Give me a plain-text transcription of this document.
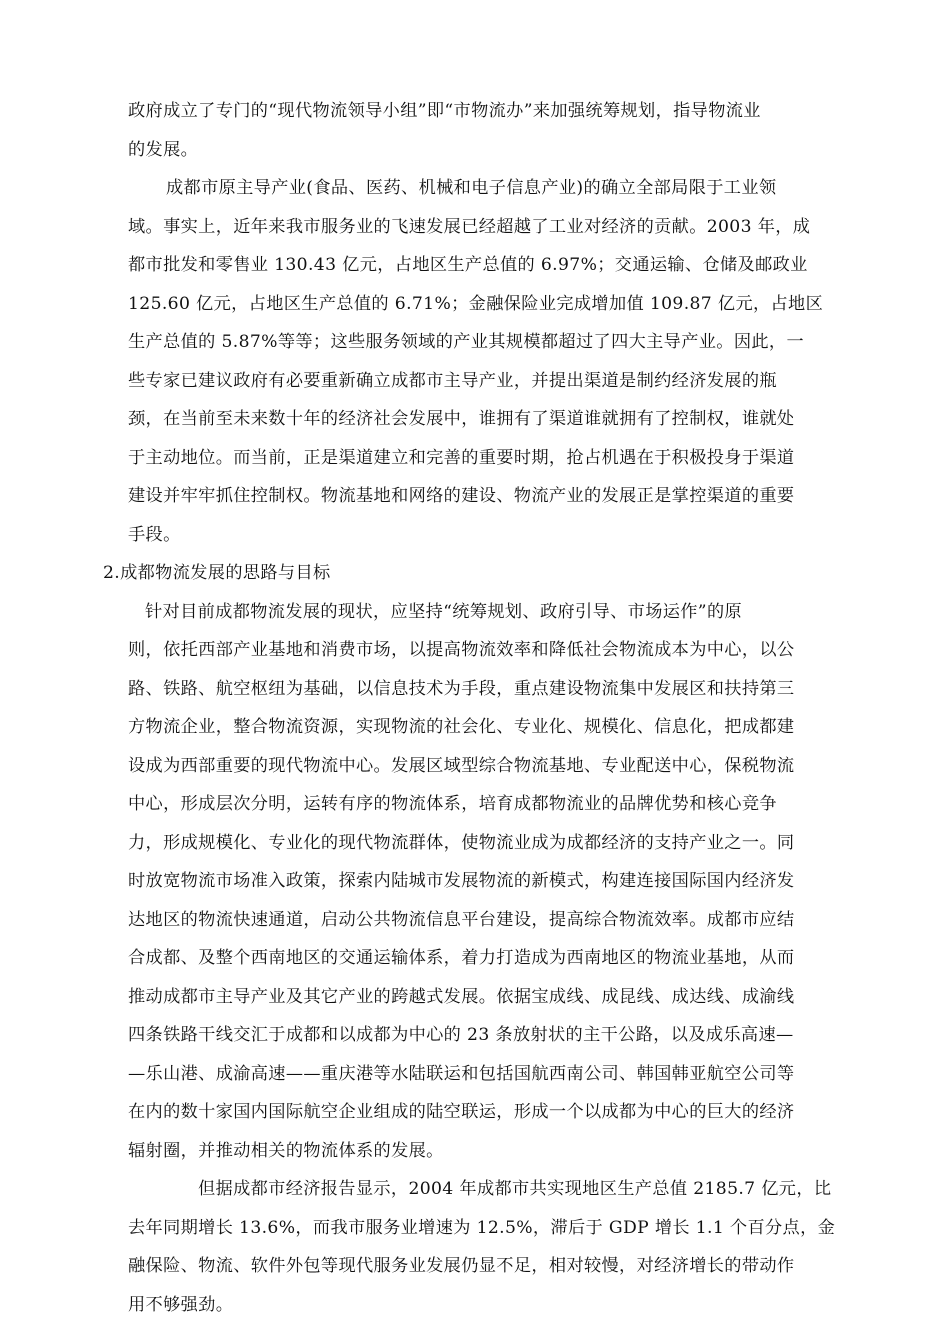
政府成立了专门的“现代物流领导小组”即“市物流办”来加强统筹规划，指导物流业
的发展。
成都市原主导产业(食品、医药、机械和电子信息产业)的确立全部局限于工业领
域。事实上，近年来我市服务业的飞速发展已经超越了工业对经济的贡献。2003 年，成
都市批发和零售业 130.43 亿元，占地区生产总值的 6.97%；交通运输、仓储及邮政业
125.60 亿元，占地区生产总值的 6.71%；金融保险业完成增加值 109.87 亿元，占地区
生产总值的 5.87%等等；这些服务领域的产业其规模都超过了四大主导产业。因此，一
些专家已建议政府有必要重新确立成都市主导产业，并提出渠道是制约经济发展的瓶
颈，在当前至未来数十年的经济社会发展中，谁拥有了渠道谁就拥有了控制权，谁就处
于主动地位。而当前，正是渠道建立和完善的重要时期，抢占机遇在于积极投身于渠道
建设并牢牢抓住控制权。物流基地和网络的建设、物流产业的发展正是掌控渠道的重要
手段。
2.成都物流发展的思路与目标
针对目前成都物流发展的现状，应坚持“统筹规划、政府引导、市场运作”的原
则，依托西部产业基地和消费市场，以提高物流效率和降低社会物流成本为中心，以公
路、铁路、航空枢纽为基础，以信息技术为手段，重点建设物流集中发展区和扶持第三
方物流企业，整合物流资源，实现物流的社会化、专业化、规模化、信息化，把成都建
设成为西部重要的现代物流中心。发展区域型综合物流基地、专业配送中心，保税物流
中心，形成层次分明，运转有序的物流体系，培育成都物流业的品牌优势和核心竞争
力，形成规模化、专业化的现代物流群体，使物流业成为成都经济的支持产业之一。同
时放宽物流市场准入政策，探索内陆城市发展物流的新模式，构建连接国际国内经济发
达地区的物流快速通道，启动公共物流信息平台建设，提高综合物流效率。成都市应结
合成都、及整个西南地区的交通运输体系，着力打造成为西南地区的物流业基地，从而
推动成都市主导产业及其它产业的跨越式发展。依据宝成线、成昆线、成达线、成渝线
四条铁路干线交汇于成都和以成都为中心的 23 条放射状的主干公路，以及成乐高速—
—乐山港、成渝高速——重庆港等水陆联运和包括国航西南公司、韩国韩亚航空公司等
在内的数十家国内国际航空企业组成的陆空联运，形成一个以成都为中心的巨大的经济
辐射圈，并推动相关的物流体系的发展。
但据成都市经济报告显示，2004 年成都市共实现地区生产总值 2185.7 亿元，比
去年同期增长 13.6%，而我市服务业增速为 12.5%，滞后于 GDP 增长 1.1 个百分点，金
融保险、物流、软件外包等现代服务业发展仍显不足，相对较慢，对经济增长的带动作
用不够强劲。
